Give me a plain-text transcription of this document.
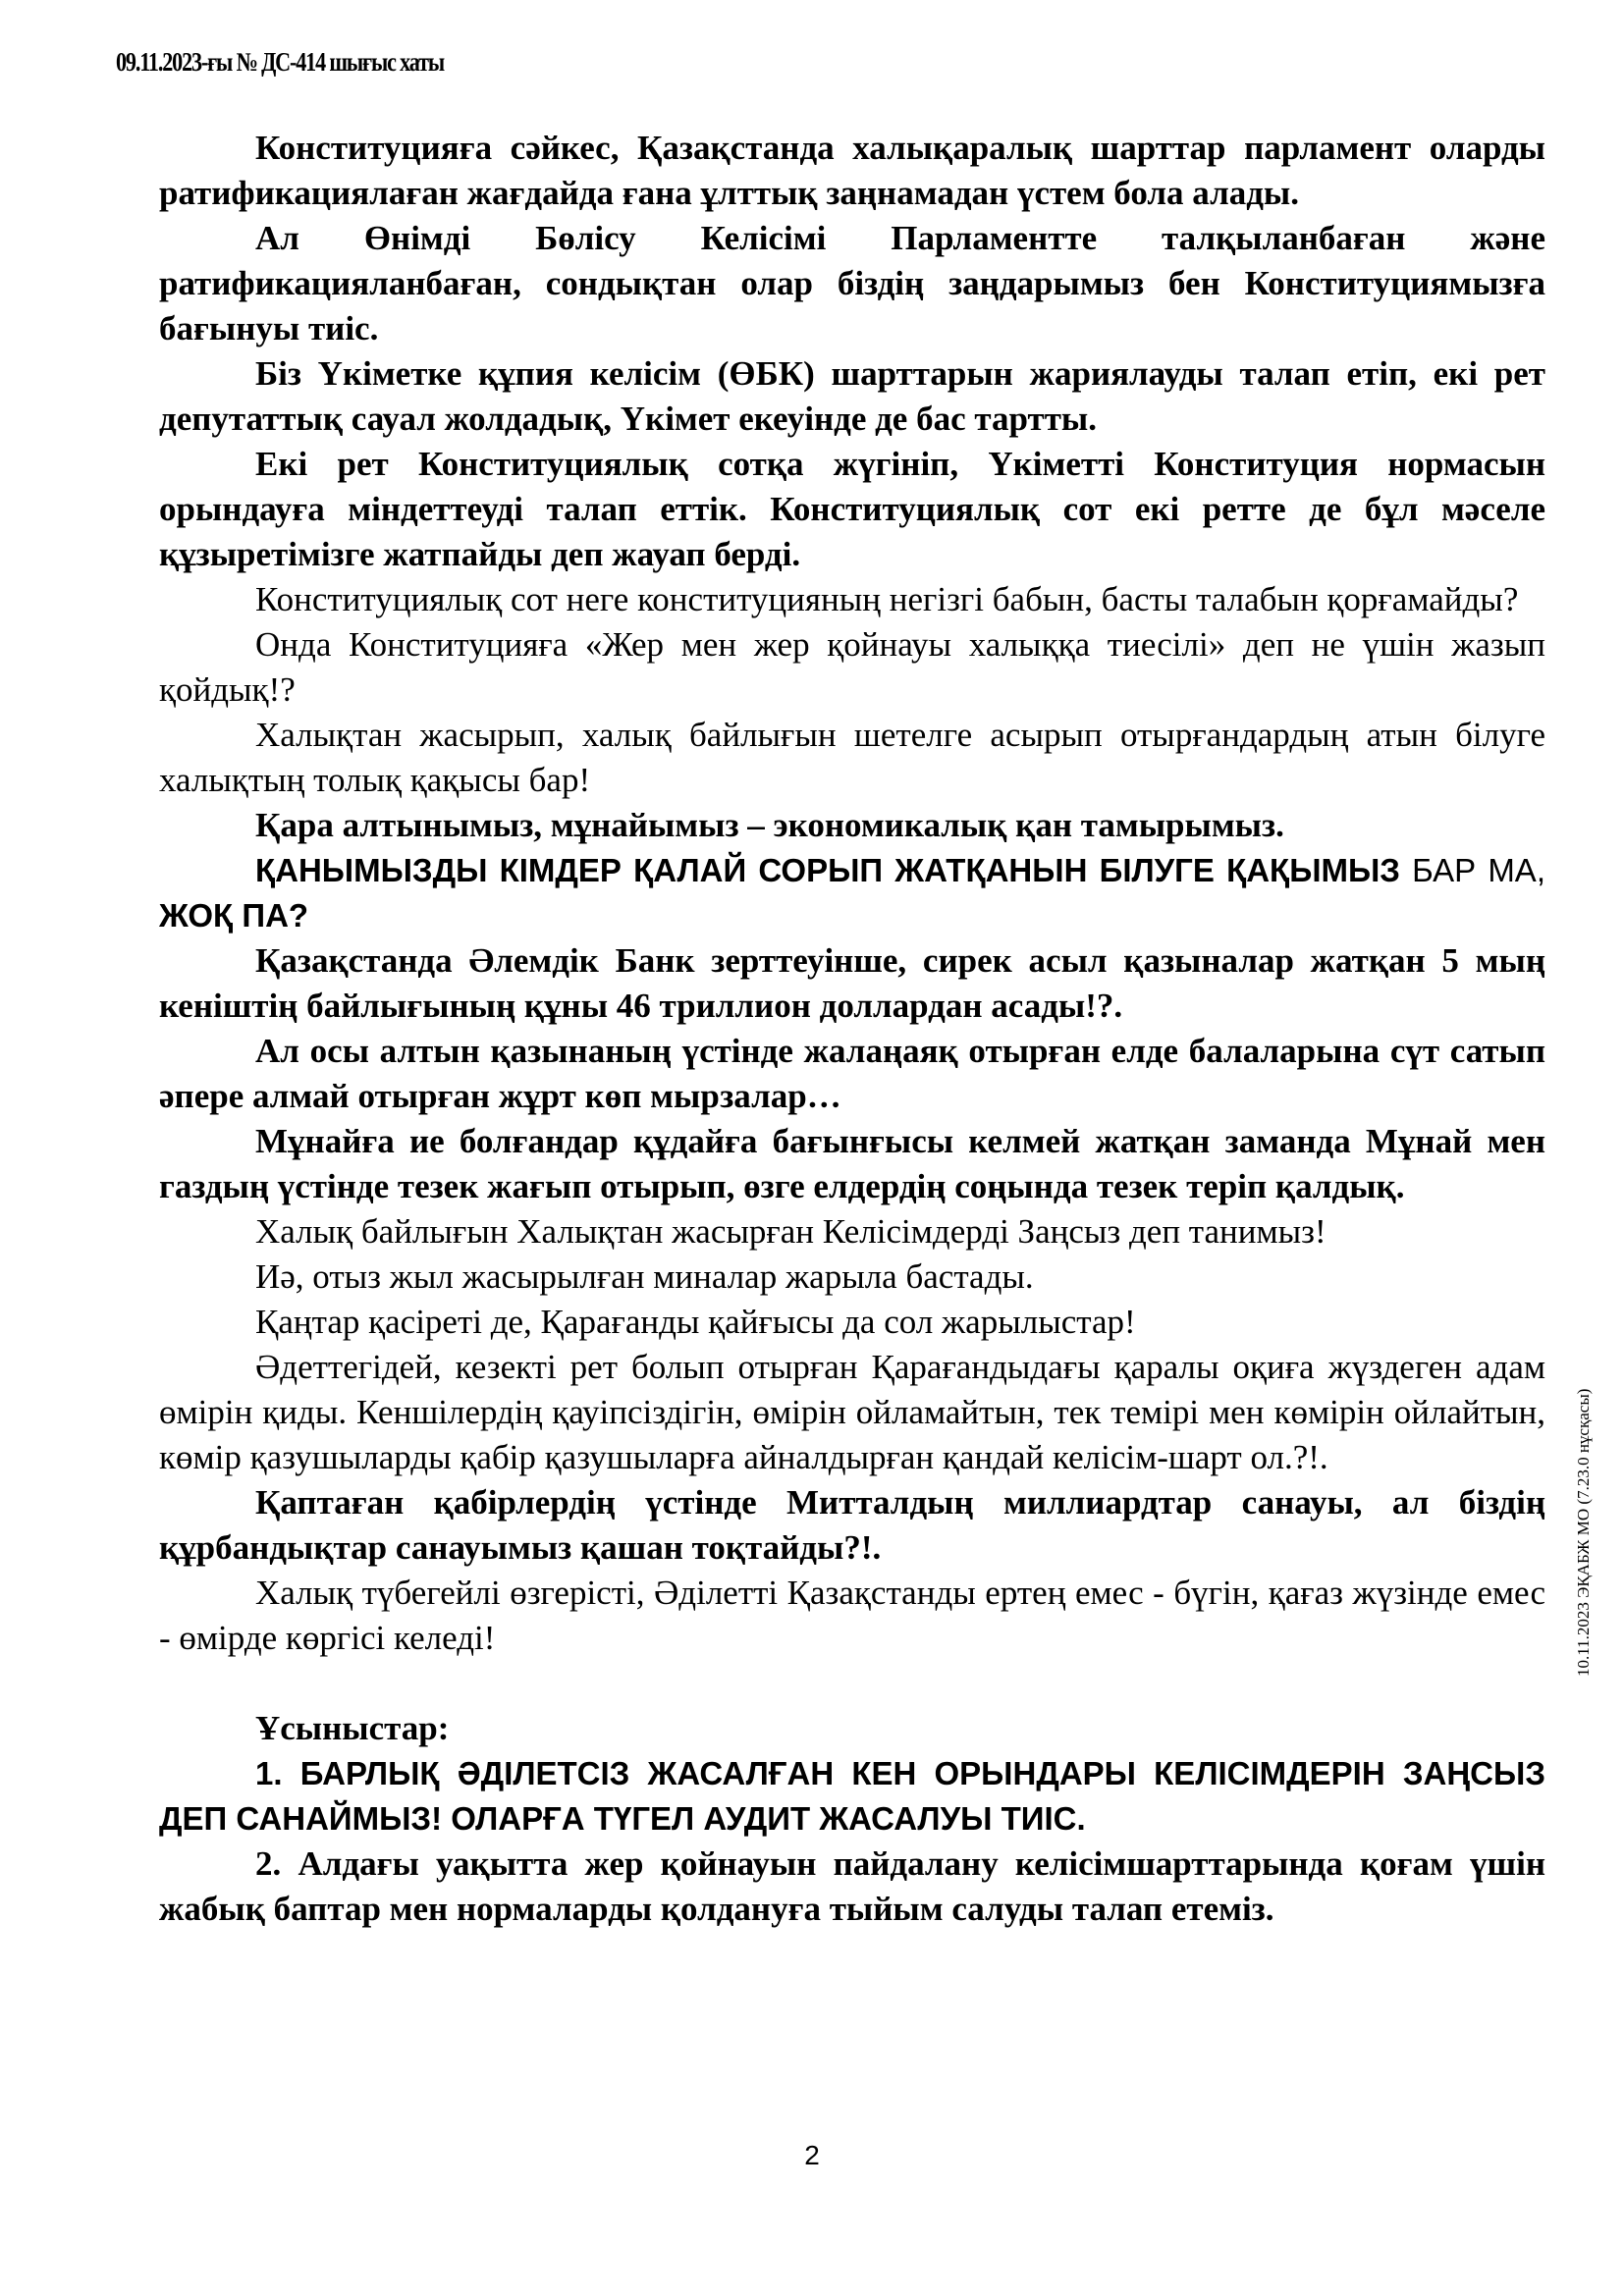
09.11.2023-ғы № ДС-414 шығыс хаты

Конституцияға сәйкес, Қазақстанда халықаралық шарттар парламент оларды ратификациялаған жағдайда ғана ұлттық заңнамадан үстем бола алады.

Ал Өнімді Бөлісу Келісімі Парламентте талқыланбаған және ратификацияланбаған, сондықтан олар біздің заңдарымыз бен Конституциямызға бағынуы тиіс.

Біз Үкіметке құпия келісім (ӨБК) шарттарын жариялауды талап етіп, екі рет депутаттық сауал жолдадық, Үкімет екеуінде де бас тартты.

Екі рет Конституциялық сотқа жүгініп, Үкіметті Конституция нормасын орындауға міндеттеуді талап еттік. Конституциялық сот екі ретте де бұл мәселе құзыретімізге жатпайды деп жауап берді.

Конституциялық сот неге конституцияның негізгі бабын, басты талабын қорғамайды?

Онда Конституцияға «Жер мен жер қойнауы халыққа тиесілі» деп не үшін жазып қойдық!?

Халықтан жасырып, халық байлығын шетелге асырып отырғандардың атын білуге халықтың толық қақысы бар!

Қара алтынымыз, мұнайымыз – экономикалық қан тамырымыз.

ҚАНЫМЫЗДЫ КІМДЕР ҚАЛАЙ СОРЫП ЖАТҚАНЫН БІЛУГЕ ҚАҚЫМЫЗ БАР МА, ЖОҚ ПА?

Қазақстанда Әлемдік Банк зерттеуінше, сирек асыл қазыналар жатқан 5 мың кеніштің байлығының құны 46 триллион доллардан асады!?.

Ал осы алтын қазынаның үстінде жалаңаяқ отырған елде балаларына сүт сатып әпере алмай отырған жұрт көп мырзалар…

Мұнайға ие болғандар құдайға бағынғысы келмей жатқан заманда Мұнай мен газдың үстінде тезек жағып отырып, өзге елдердің соңында тезек теріп қалдық.

Халық байлығын Халықтан жасырған Келісімдерді Заңсыз деп танимыз!

Иә, отыз жыл жасырылған миналар жарыла бастады.

Қаңтар қасіреті де, Қарағанды қайғысы да сол жарылыстар!

Әдеттегідей, кезекті рет болып отырған Қарағандыдағы қаралы оқиға жүздеген адам өмірін қиды. Кеншілердің қауіпсіздігін, өмірін ойламайтын, тек темірі мен көмірін ойлайтын, көмір қазушыларды қабір қазушыларға айналдырған қандай келісім-шарт ол.?!.

Қаптаған қабірлердің үстінде Митталдың миллиардтар санауы, ал біздің құрбандықтар санауымыз қашан тоқтайды?!.

Халық түбегейлі өзгерісті, Әділетті Қазақстанды ертең емес - бүгін, қағаз жүзінде емес - өмірде көргісі келеді!

Ұсыныстар:

1. БАРЛЫҚ ӘДІЛЕТСІЗ ЖАСАЛҒАН КЕН ОРЫНДАРЫ КЕЛІСІМДЕРІН ЗАҢСЫЗ ДЕП САНАЙМЫЗ! ОЛАРҒА ТҮГЕЛ АУДИТ ЖАСАЛУЫ ТИІС.

2. Алдағы уақытта жер қойнауын пайдалану келісімшарттарында қоғам үшін жабық баптар мен нормаларды қолдануға тыйым салуды талап етеміз.

10.11.2023 ЭҚАБЖ МО (7.23.0 нұсқасы)
2
